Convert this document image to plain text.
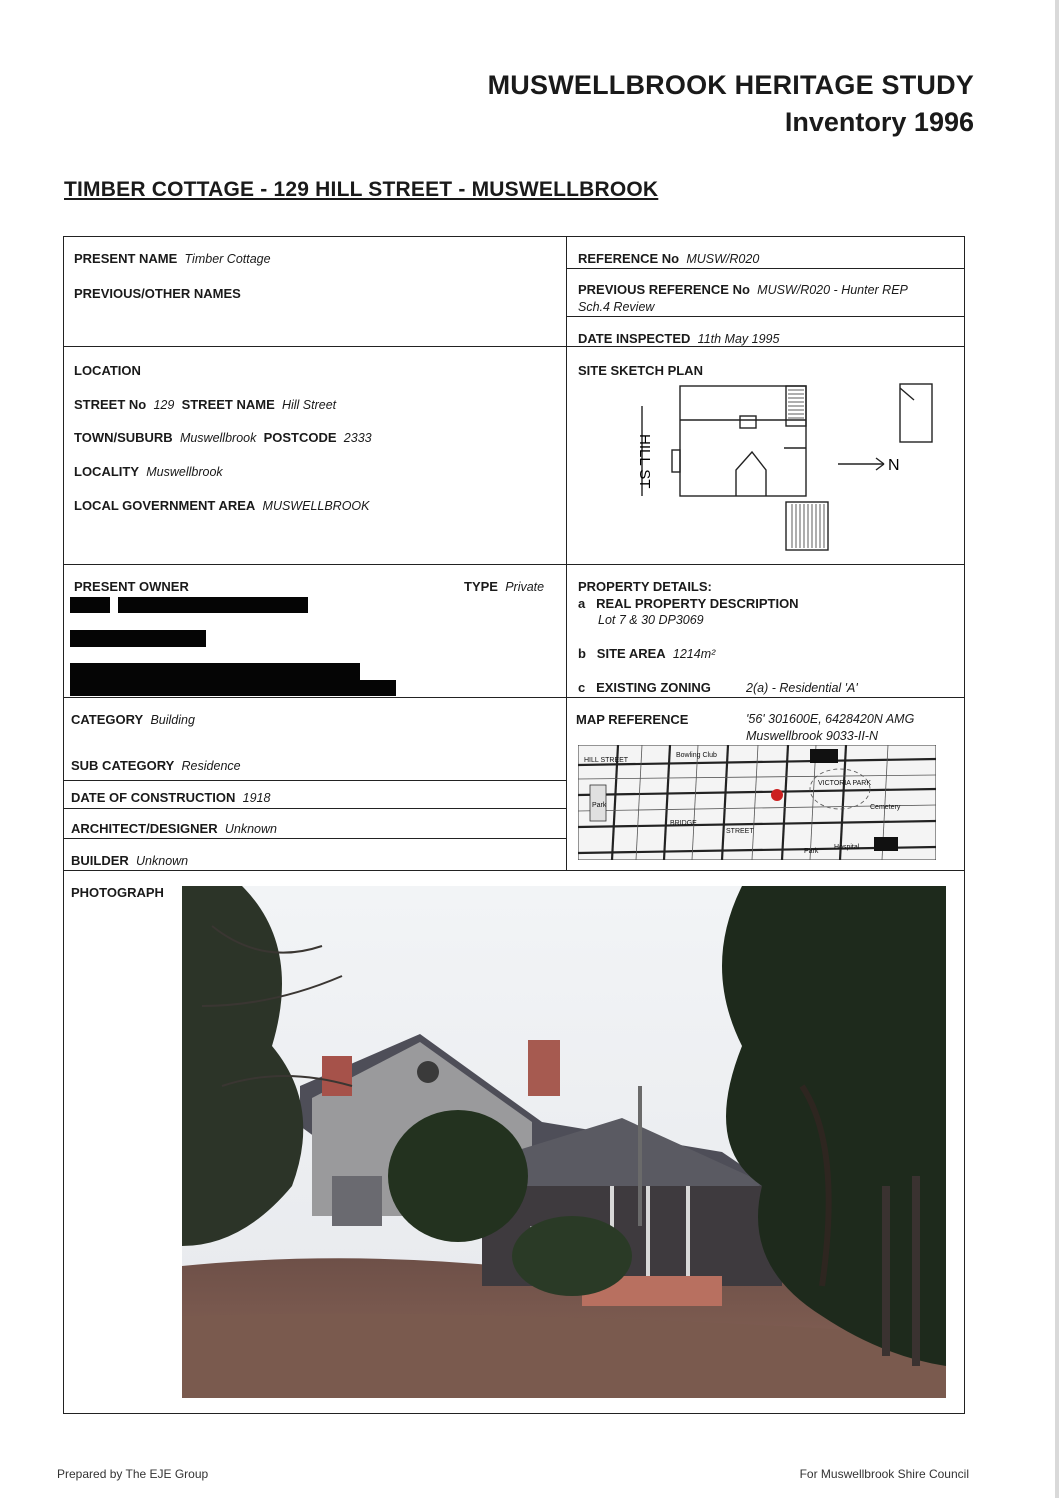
MUSWELLBROOK HERITAGE STUDY
Inventory 1996
TIMBER COTTAGE - 129 HILL STREET - MUSWELLBROOK
PRESENT NAME Timber Cottage
PREVIOUS/OTHER NAMES
REFERENCE No MUSW/R020
PREVIOUS REFERENCE No MUSW/R020 - Hunter REP
Sch.4 Review
DATE INSPECTED 11th May 1995
LOCATION
STREET No 129 STREET NAME Hill Street
TOWN/SUBURB Muswellbrook POSTCODE 2333
LOCALITY Muswellbrook
LOCAL GOVERNMENT AREA MUSWELLBROOK
SITE SKETCH PLAN
HILL ST	N
PRESENT OWNER	TYPE Private	PROPERTY DETAILS:
a REAL PROPERTY DESCRIPTION
Lot 7 & 30 DP3069
b SITE AREA 1214m²
c EXISTING ZONING	2(a) - Residential 'A'
CATEGORY Building
SUB CATEGORY Residence
DATE OF CONSTRUCTION 1918
ARCHITECT/DESIGNER Unknown
BUILDER Unknown
MAP REFERENCE	'56' 301600E, 6428420N AMG
Muswellbrook 9033-II-N
HILL STREET
Bowling Club
Park
VICTORIA PARK
Cemetery
STREET
BRIDGE
Hospital
Park
PHOTOGRAPH
Prepared by The EJE Group	For Muswellbrook Shire Council
